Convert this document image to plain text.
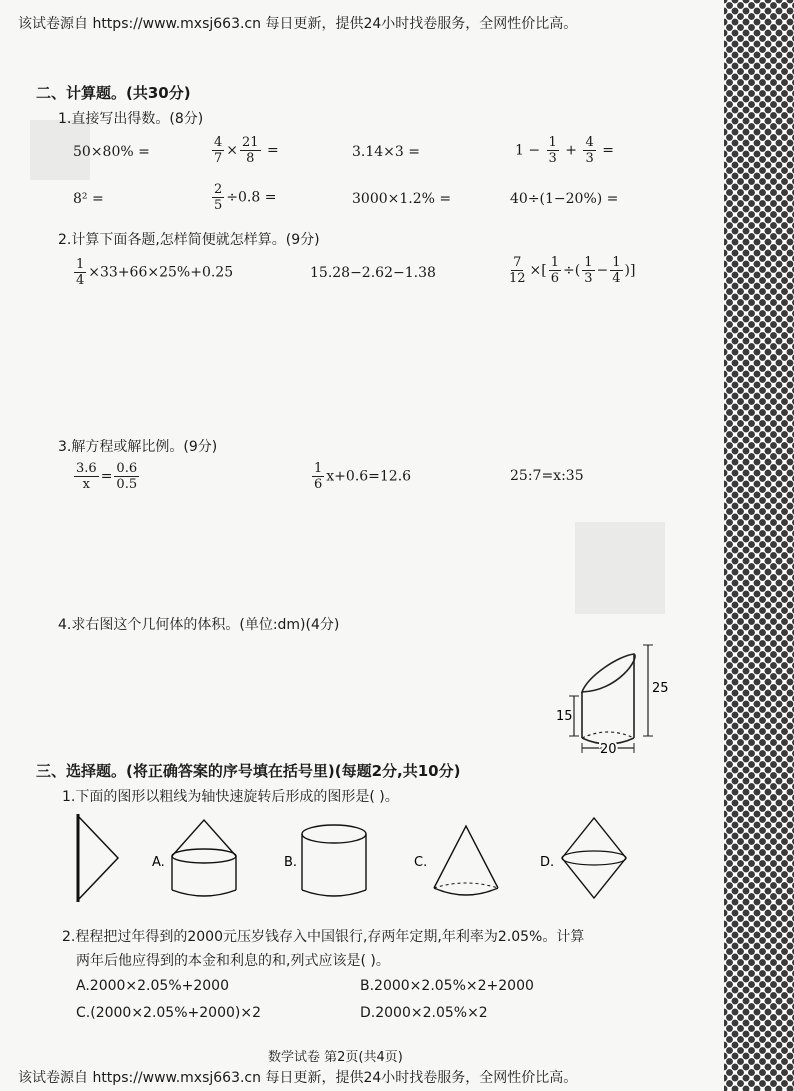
该试卷源自 https://www.mxsj663.cn 每日更新，提供24小时找卷服务，全网性价比高。
二、计算题。(共30分)
1.直接写出得数。(8分)
50×80% =	$\frac{4}{7} \times \frac{21}{8}$ =	3.14×3 =	$1 - \frac{1}{3} + \frac{4}{3}$ =
8² =	$\frac{2}{5} \div 0.8$ =	3000×1.2% =	40÷(1−20%) =
2.计算下面各题,怎样简便就怎样算。(9分)
$\frac{1}{4} \times 33+66\times 25\%+0.25$	15.28−2.62−1.38	$\frac{7}{12}$ ×[ $\frac{1}{6}$ ÷( $\frac{1}{3} - \frac{1}{4}$ )]
3.解方程或解比例。(9分)
$\frac{3.6}{x} = \frac{0.6}{0.5}$	$\frac{1}{6} x+0.6=12.6$	25:7=x:35
4.求右图这个几何体的体积。(单位:dm)(4分)
25
15
20
三、选择题。(将正确答案的序号填在括号里)(每题2分,共10分)
1.下面的图形以粗线为轴快速旋转后形成的图形是( )。
A.	B.	C.	D.
2.程程把过年得到的2000元压岁钱存入中国银行,存两年定期,年利率为2.05%。计算
两年后他应得到的本金和利息的和,列式应该是( )。
A.2000×2.05%+2000	B.2000×2.05%×2+2000
C.(2000×2.05%+2000)×2	D.2000×2.05%×2
数学试卷 第2页(共4页)
该试卷源自 https://www.mxsj663.cn 每日更新，提供24小时找卷服务，全网性价比高。
